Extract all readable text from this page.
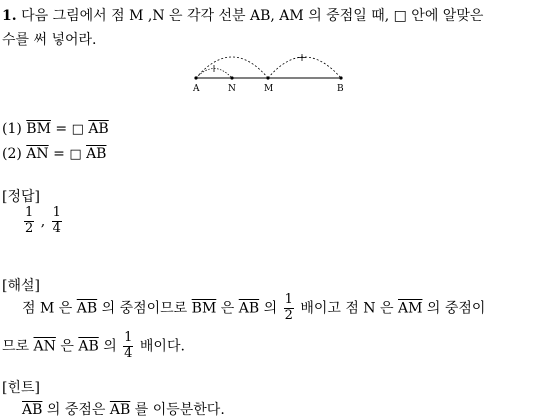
1. 다음 그림에서 점 M ,N 은 각각 선분 AB, AM 의 중점일 때, □ 안에 알맞은
수를 써 넣어라.
A	N	M	B
(1) $\overline{BM}$ = □ $\overline{AB}$
(2) $\overline{AN}$ = □ $\overline{AB}$
[정답]
$\frac{1}{2}$ , $\frac{1}{4}$
[해설]
점 M 은 $\overline{AB}$ 의 중점이므로 $\overline{BM}$ 은 $\overline{AB}$ 의 $\frac{1}{2}$ 배이고 점 N 은 $\overline{AM}$ 의 중점이
므로 $\overline{AN}$ 은 $\overline{AB}$ 의 $\frac{1}{4}$ 배이다.
[힌트]
$\overline{AB}$ 의 중점은 $\overline{AB}$ 를 이등분한다.
